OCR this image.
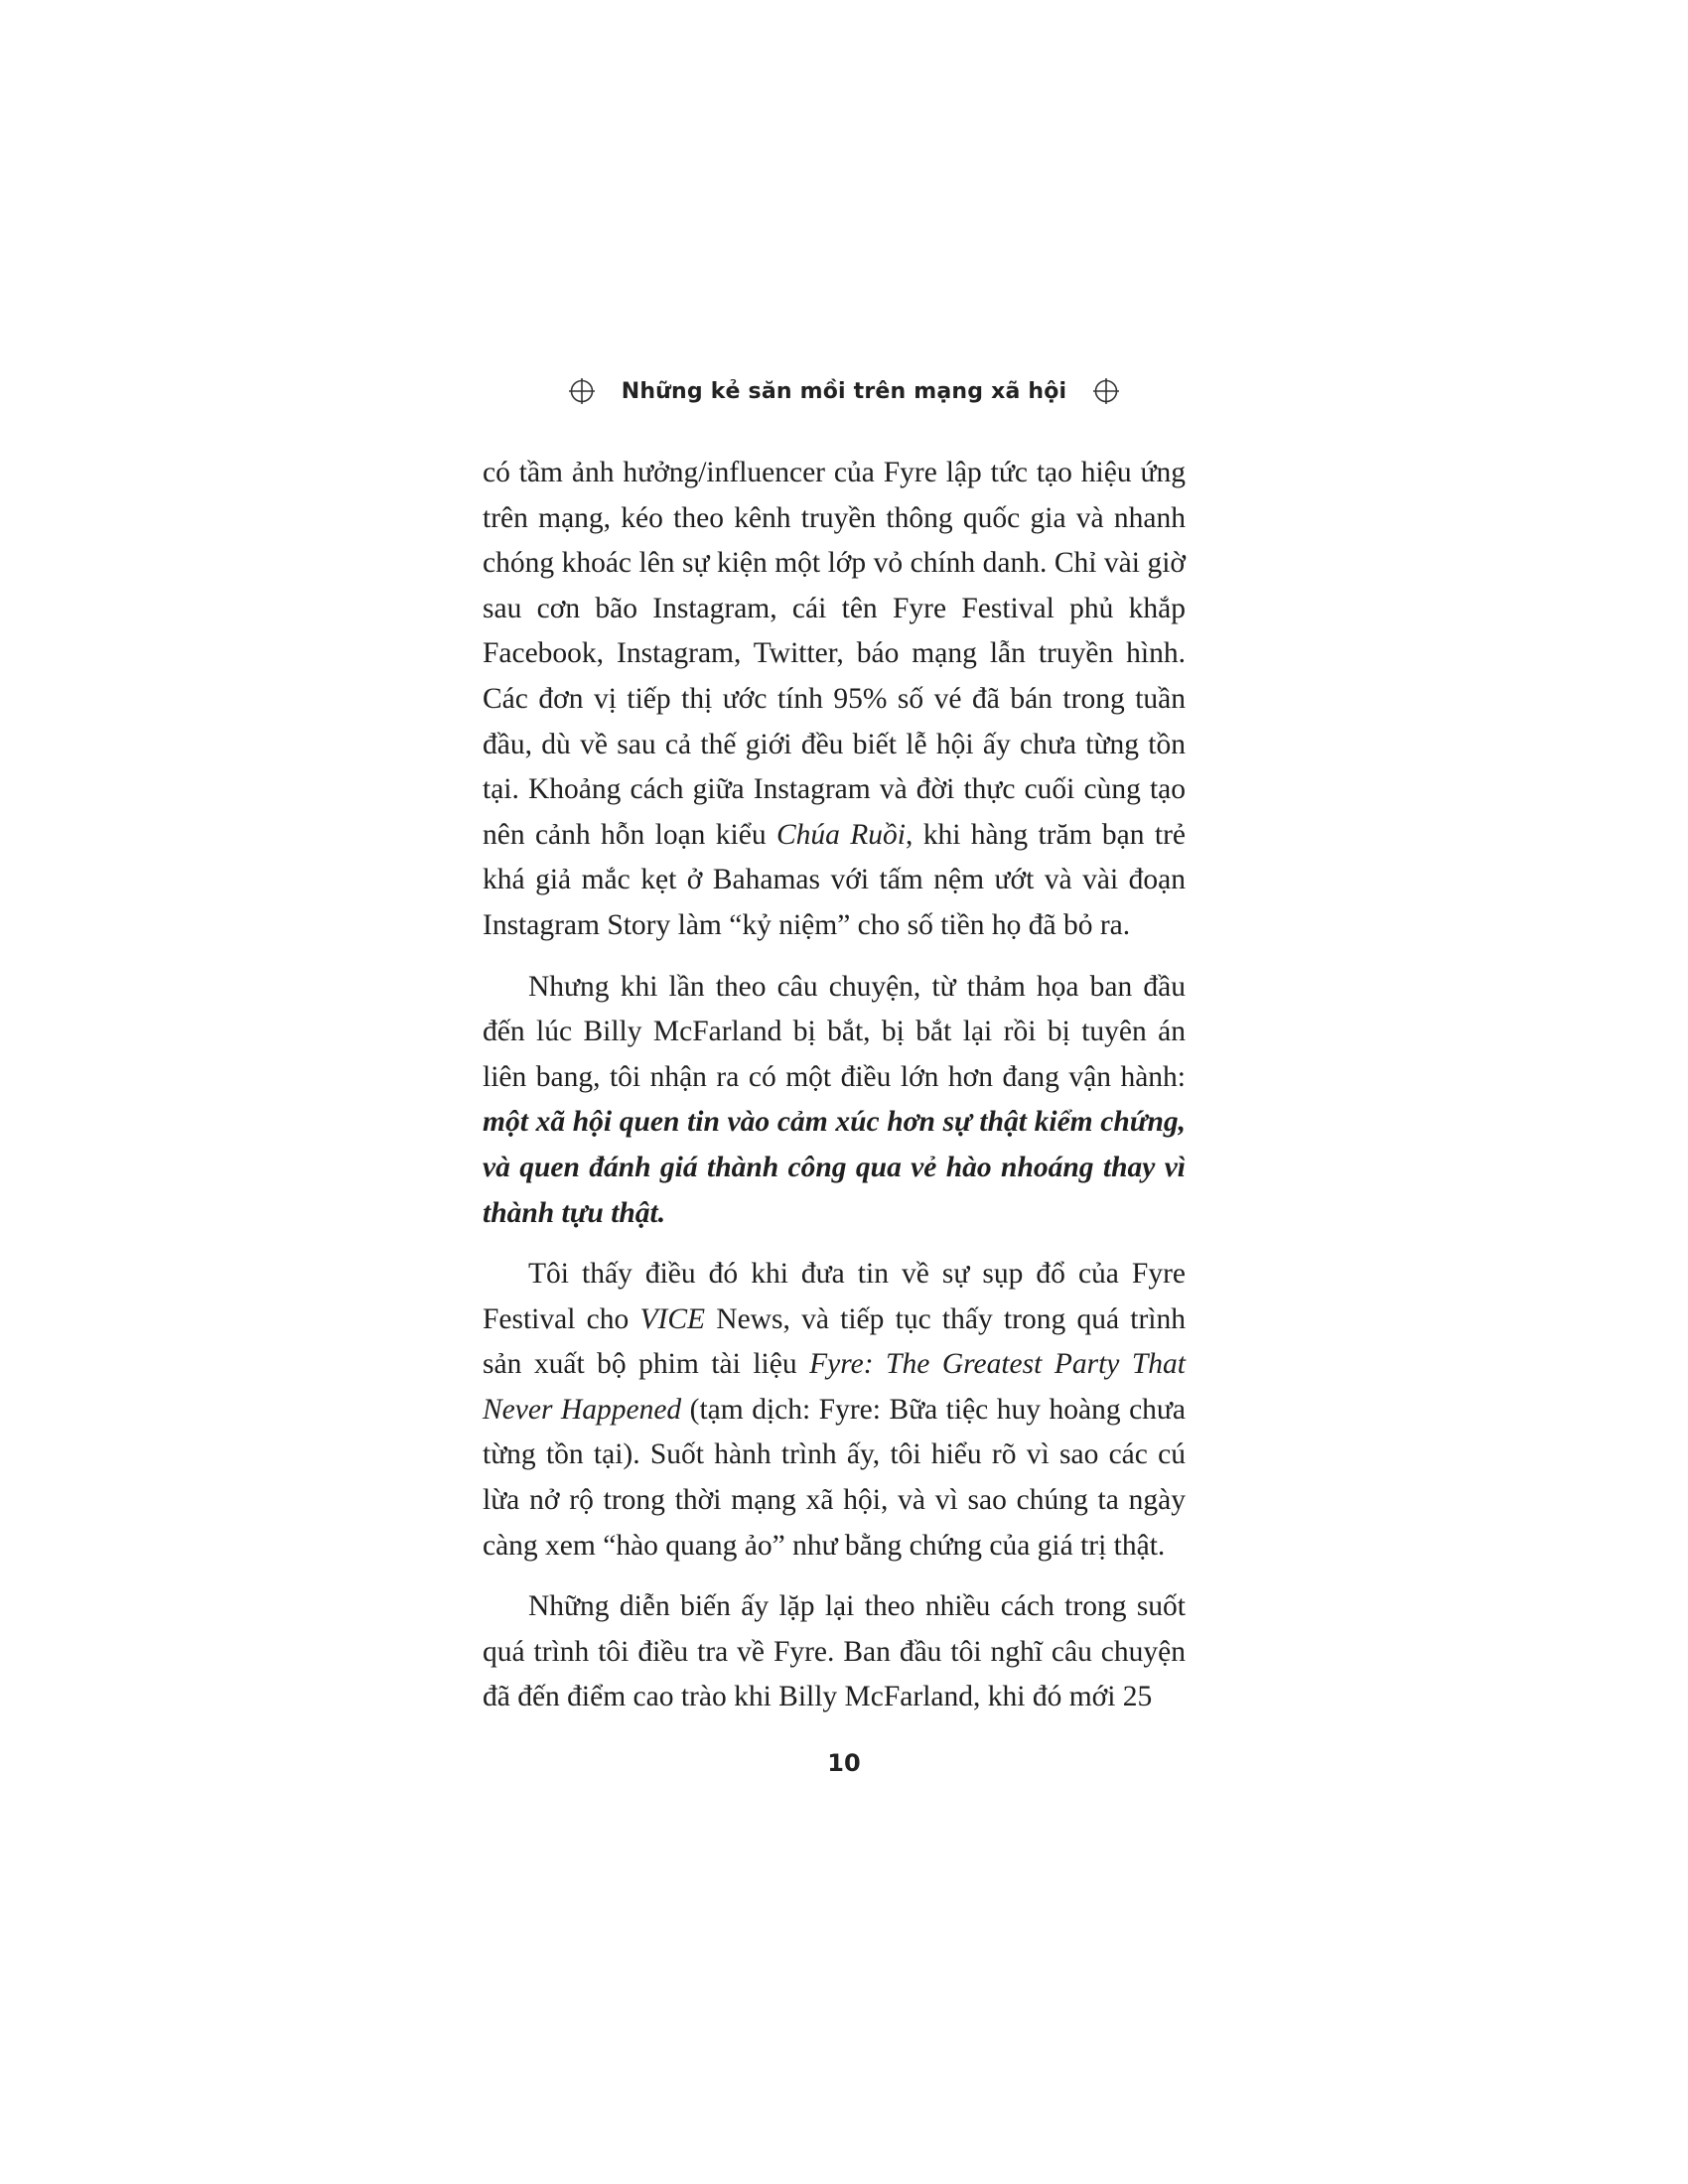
Những kẻ săn mồi trên mạng xã hội

có tầm ảnh hưởng/influencer của Fyre lập tức tạo hiệu ứng trên mạng, kéo theo kênh truyền thông quốc gia và nhanh chóng khoác lên sự kiện một lớp vỏ chính danh. Chỉ vài giờ sau cơn bão Instagram, cái tên Fyre Festival phủ khắp Facebook, Instagram, Twitter, báo mạng lẫn truyền hình. Các đơn vị tiếp thị ước tính 95% số vé đã bán trong tuần đầu, dù về sau cả thế giới đều biết lễ hội ấy chưa từng tồn tại. Khoảng cách giữa Instagram và đời thực cuối cùng tạo nên cảnh hỗn loạn kiểu Chúa Ruồi, khi hàng trăm bạn trẻ khá giả mắc kẹt ở Bahamas với tấm nệm ướt và vài đoạn Instagram Story làm “kỷ niệm” cho số tiền họ đã bỏ ra.

Nhưng khi lần theo câu chuyện, từ thảm họa ban đầu đến lúc Billy McFarland bị bắt, bị bắt lại rồi bị tuyên án liên bang, tôi nhận ra có một điều lớn hơn đang vận hành: một xã hội quen tin vào cảm xúc hơn sự thật kiểm chứng, và quen đánh giá thành công qua vẻ hào nhoáng thay vì thành tựu thật.

Tôi thấy điều đó khi đưa tin về sự sụp đổ của Fyre Festival cho VICE News, và tiếp tục thấy trong quá trình sản xuất bộ phim tài liệu Fyre: The Greatest Party That Never Happened (tạm dịch: Fyre: Bữa tiệc huy hoàng chưa từng tồn tại). Suốt hành trình ấy, tôi hiểu rõ vì sao các cú lừa nở rộ trong thời mạng xã hội, và vì sao chúng ta ngày càng xem “hào quang ảo” như bằng chứng của giá trị thật.

Những diễn biến ấy lặp lại theo nhiều cách trong suốt quá trình tôi điều tra về Fyre. Ban đầu tôi nghĩ câu chuyện đã đến điểm cao trào khi Billy McFarland, khi đó mới 25

10
